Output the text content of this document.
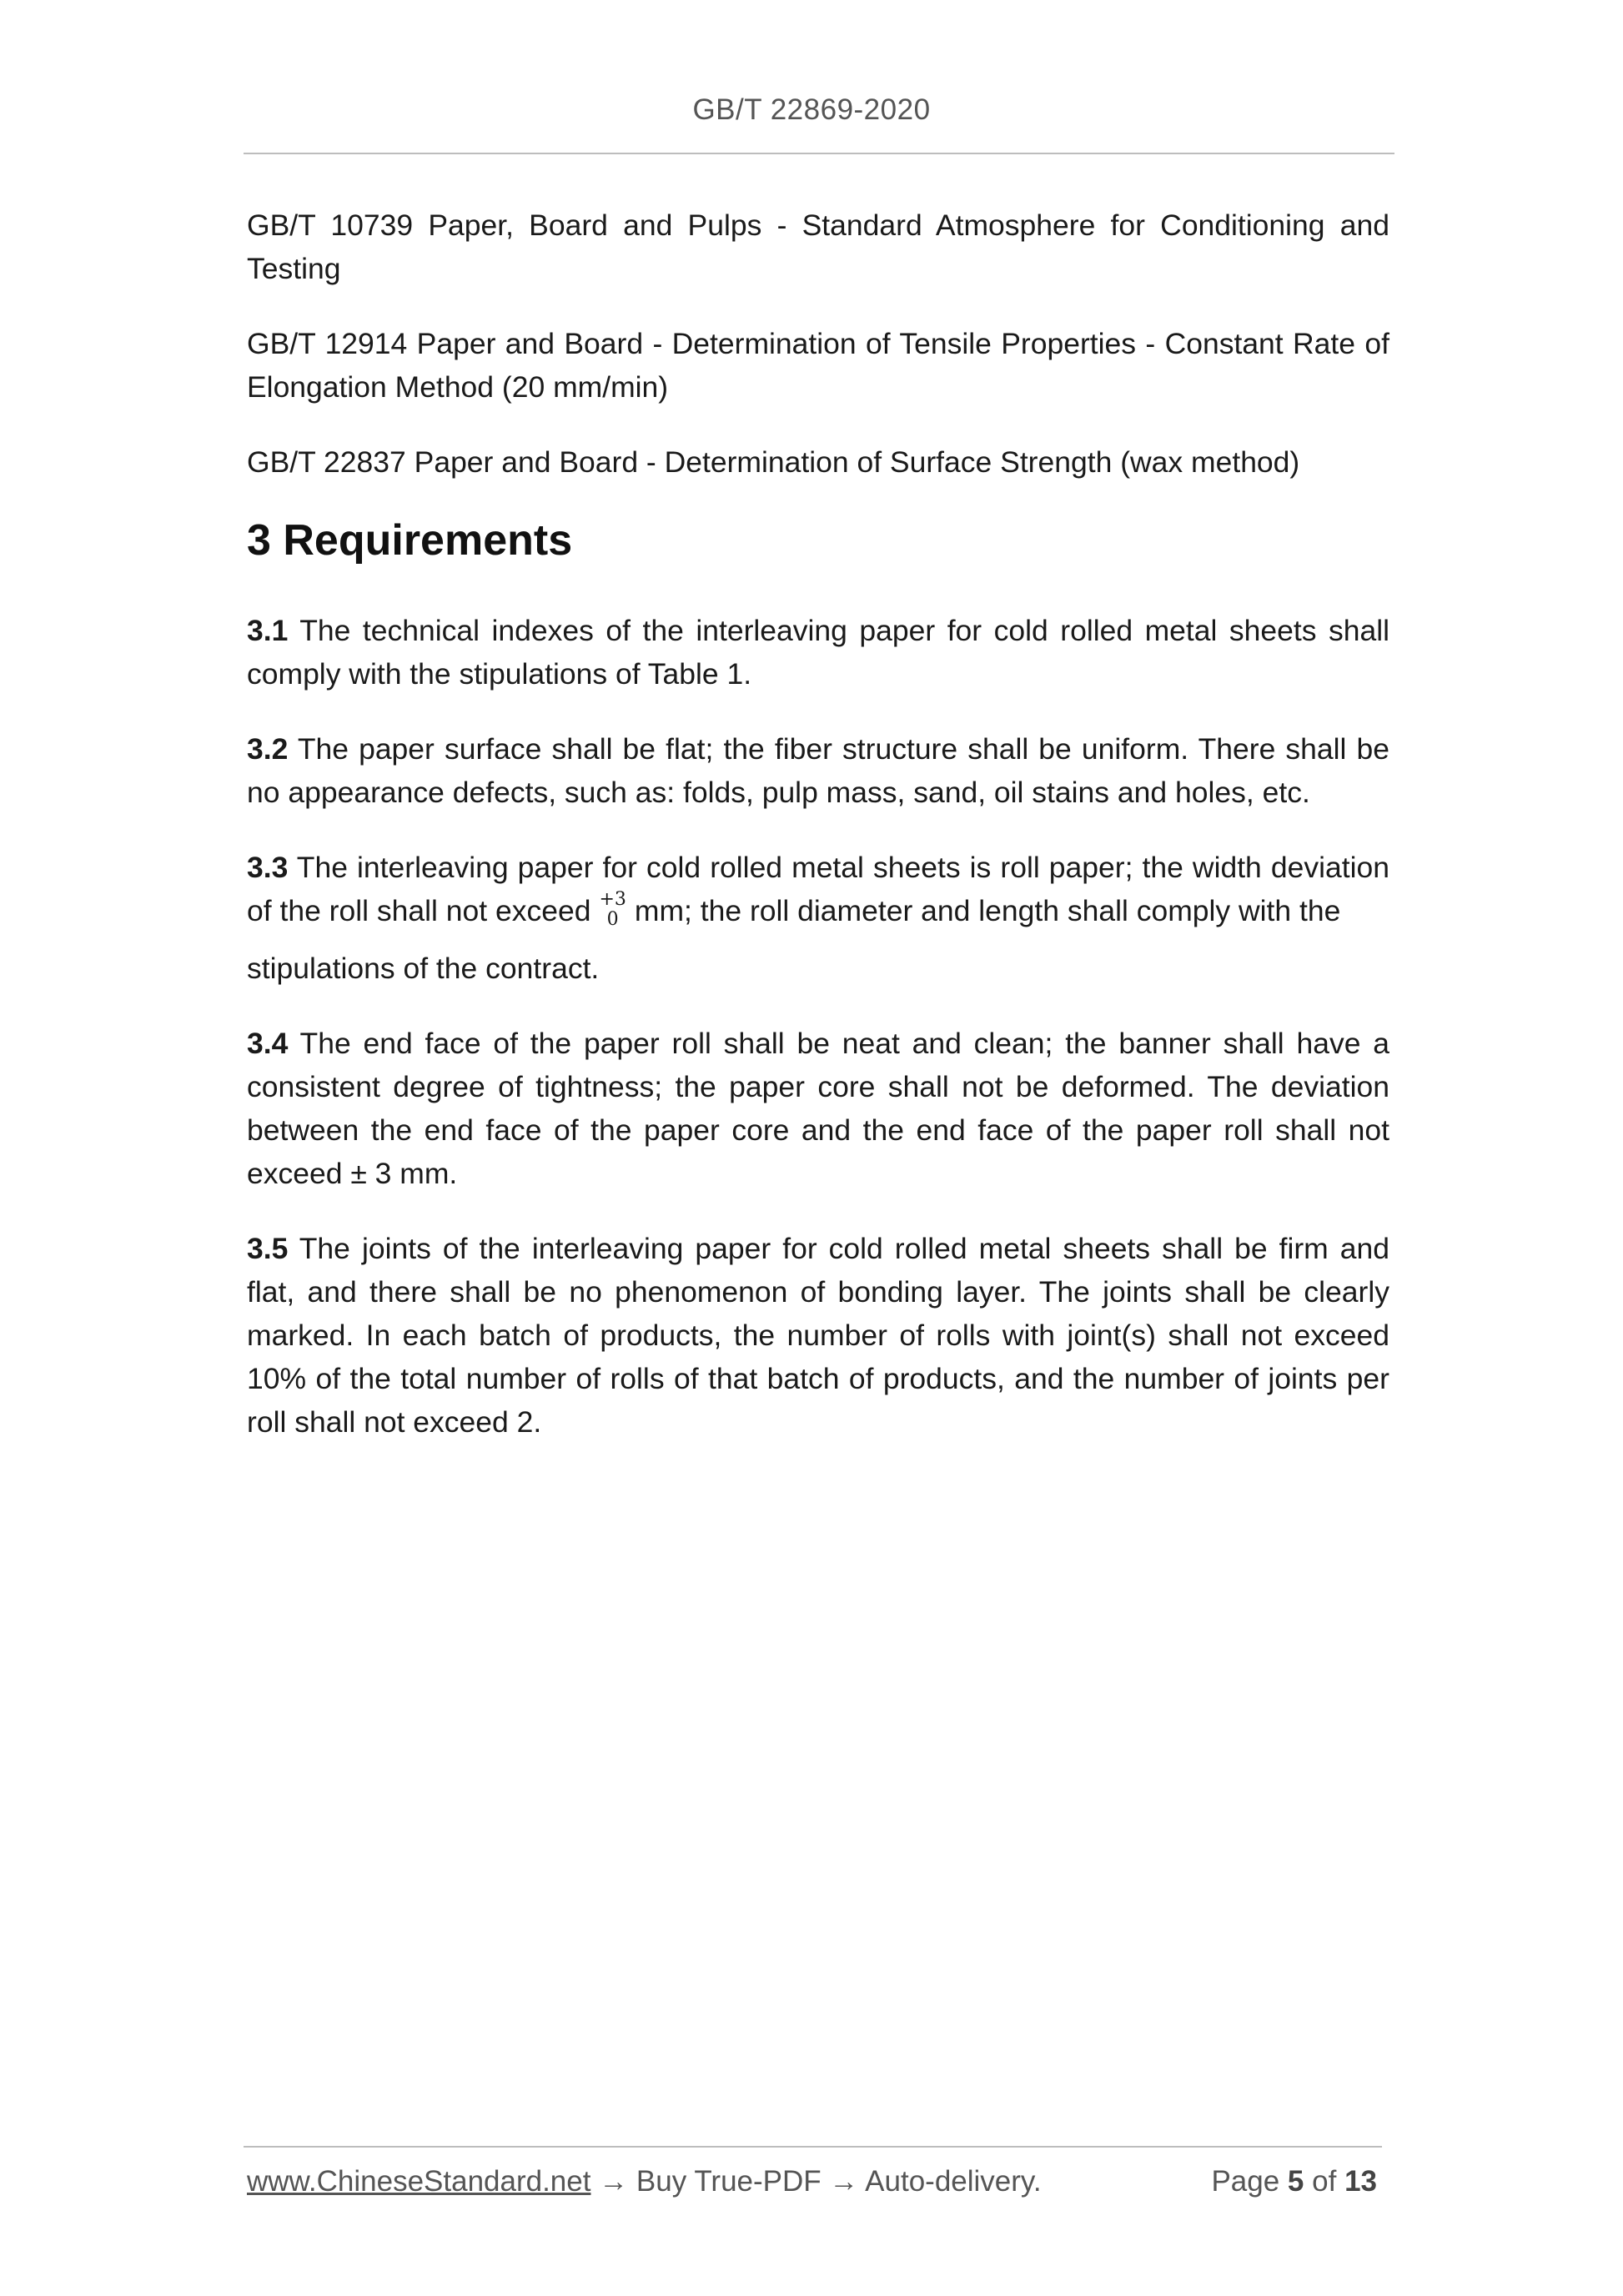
GB/T 22869-2020

GB/T 10739 Paper, Board and Pulps - Standard Atmosphere for Conditioning and Testing

GB/T 12914 Paper and Board - Determination of Tensile Properties - Constant Rate of Elongation Method (20 mm/min)

GB/T 22837 Paper and Board - Determination of Surface Strength (wax method)

3 Requirements

3.1 The technical indexes of the interleaving paper for cold rolled metal sheets shall comply with the stipulations of Table 1.

3.2 The paper surface shall be flat; the fiber structure shall be uniform. There shall be no appearance defects, such as: folds, pulp mass, sand, oil stains and holes, etc.

3.3 The interleaving paper for cold rolled metal sheets is roll paper; the width deviation of the roll shall not exceed +3
0 mm; the roll diameter and length shall comply with the
stipulations of the contract.

3.4 The end face of the paper roll shall be neat and clean; the banner shall have a consistent degree of tightness; the paper core shall not be deformed. The deviation between the end face of the paper core and the end face of the paper roll shall not exceed ± 3 mm.

3.5 The joints of the interleaving paper for cold rolled metal sheets shall be firm and flat, and there shall be no phenomenon of bonding layer. The joints shall be clearly marked. In each batch of products, the number of rolls with joint(s) shall not exceed 10% of the total number of rolls of that batch of products, and the number of joints per roll shall not exceed 2.

www.ChineseStandard.net → Buy True-PDF → Auto-delivery.	Page 5 of 13
